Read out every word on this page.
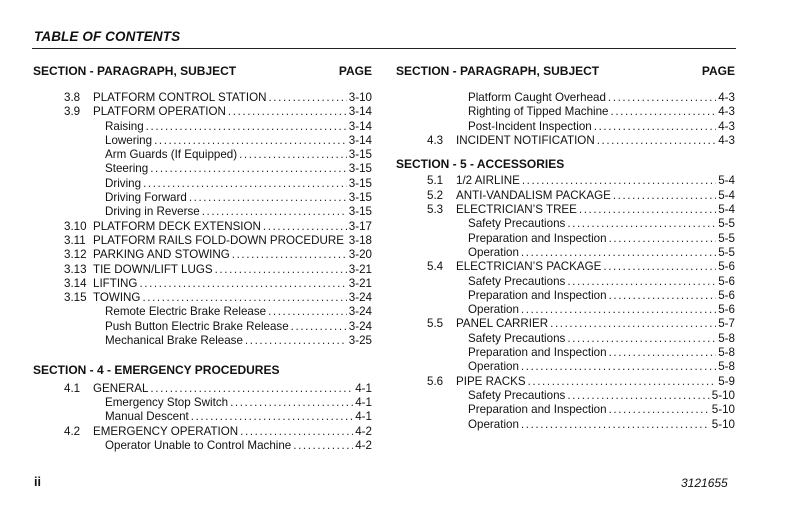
TABLE OF CONTENTS
SECTION - PARAGRAPH, SUBJECT	PAGE
3.8	PLATFORM CONTROL STATION .....	3-10
3.9	PLATFORM OPERATION .....	3-14
Raising .....	3-14
Lowering .....	3-14
Arm Guards (If Equipped) .....	3-15
Steering .....	3-15
Driving .....	3-15
Driving Forward .....	3-15
Driving in Reverse .....	3-15
3.10 PLATFORM DECK EXTENSION .....	3-17
3.11 PLATFORM RAILS FOLD-DOWN PROCEDURE ..... 3-18
3.12 PARKING AND STOWING .....	3-20
3.13 TIE DOWN/LIFT LUGS .....	3-21
3.14 LIFTING .....	3-21
3.15 TOWING .....	3-24
Remote Electric Brake Release .....	3-24
Push Button Electric Brake Release .....	3-24
Mechanical Brake Release .....	3-25
SECTION - 4 - EMERGENCY PROCEDURES
4.1	GENERAL .....	4-1
Emergency Stop Switch .....	4-1
Manual Descent .....	4-1
4.2	EMERGENCY OPERATION .....	4-2
Operator Unable to Control Machine .....	4-2
SECTION - PARAGRAPH, SUBJECT	PAGE
Platform Caught Overhead .....	4-3
Righting of Tipped Machine .....	4-3
Post-Incident Inspection .....	4-3
4.3	INCIDENT NOTIFICATION .....	4-3
SECTION - 5 - ACCESSORIES
5.1	1/2 AIRLINE .....	5-4
5.2	ANTI-VANDALISM PACKAGE .....	5-4
5.3	ELECTRICIAN’S TREE .....	5-4
Safety Precautions .....	5-5
Preparation and Inspection .....	5-5
Operation .....	5-5
5.4	ELECTRICIAN’S PACKAGE .....	5-6
Safety Precautions .....	5-6
Preparation and Inspection .....	5-6
Operation .....	5-6
5.5	PANEL CARRIER .....	5-7
Safety Precautions .....	5-8
Preparation and Inspection .....	5-8
Operation .....	5-8
5.6	PIPE RACKS .....	5-9
Safety Precautions .....	5-10
Preparation and Inspection .....	5-10
Operation .....	5-10
ii	3121655
